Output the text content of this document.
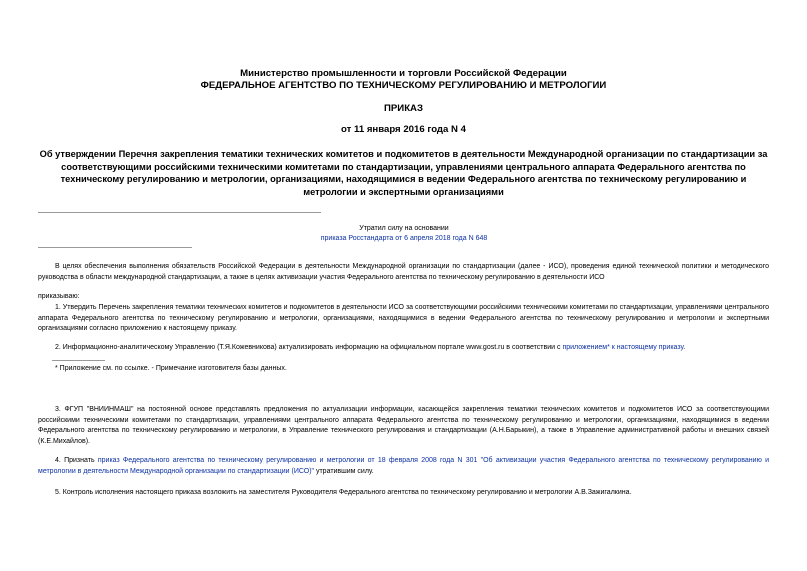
Министерство промышленности и торговли Российской Федерации
ФЕДЕРАЛЬНОЕ АГЕНТСТВО ПО ТЕХНИЧЕСКОМУ РЕГУЛИРОВАНИЮ И МЕТРОЛОГИИ
ПРИКАЗ
от 11 января 2016 года N 4
Об утверждении Перечня закрепления тематики технических комитетов и подкомитетов в деятельности Международной организации по стандартизации за соответствующими российскими техническими комитетами по стандартизации, управлениями центрального аппарата Федерального агентства по техническому регулированию и метрологии, организациями, находящимися в ведении Федерального агентства по техническому регулированию и метрологии и экспертными организациями
Утратил силу на основании
приказа Росстандарта от 6 апреля 2018 года N 648
В целях обеспечения выполнения обязательств Российской Федерации в деятельности Международной организации по стандартизации (далее - ИСО), проведения единой технической политики и методического руководства в области международной стандартизации, а также в целях активизации участия Федерального агентства по техническому регулированию в деятельности ИСО
приказываю:
1. Утвердить Перечень закрепления тематики технических комитетов и подкомитетов в деятельности ИСО за соответствующими российскими техническими комитетами по стандартизации, управлениями центрального аппарата Федерального агентства по техническому регулированию и метрологии, организациями, находящимися в ведении Федерального агентства по техническому регулированию и метрологии и экспертными организациями согласно приложению к настоящему приказу.
2. Информационно-аналитическому Управлению (Т.Я.Кожевникова) актуализировать информацию на официальном портале www.gost.ru в соответствии с приложением* к настоящему приказу.
* Приложение см. по ссылке. - Примечание изготовителя базы данных.
3. ФГУП "ВНИИНМАШ" на постоянной основе представлять предложения по актуализации информации, касающейся закрепления тематики технических комитетов и подкомитетов ИСО за соответствующими российскими техническими комитетами по стандартизации, управлениями центрального аппарата Федерального агентства по техническому регулированию и метрологии, организациями, находящимися в ведении Федерального агентства по техническому регулированию и метрологии, в Управление технического регулирования и стандартизации (А.Н.Барыкин), а также в Управление административной работы и внешних связей (К.Е.Михайлов).
4. Признать приказ Федерального агентства по техническому регулированию и метрологии от 18 февраля 2008 года N 301 "Об активизации участия Федерального агентства по техническому регулированию и метрологии в деятельности Международной организации по стандартизации (ИСО)" утратившим силу.
5. Контроль исполнения настоящего приказа возложить на заместителя Руководителя Федерального агентства по техническому регулированию и метрологии А.В.Зажигалкина.
